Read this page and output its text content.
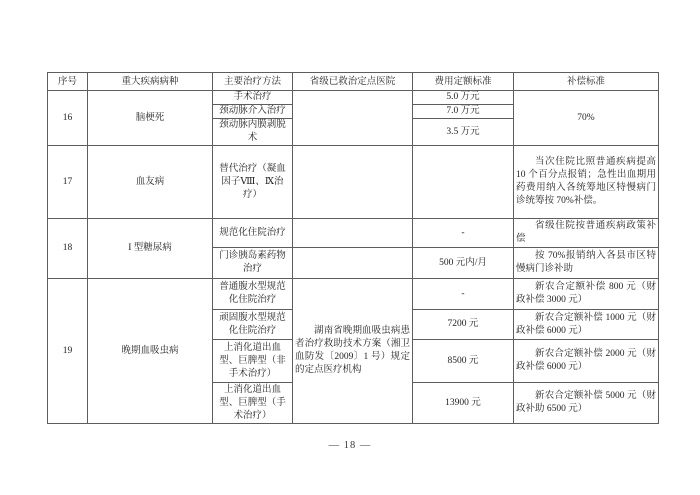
序号	重大疾病病种	主要治疗方法	省级已救治定点医院	费用定额标准	补偿标准
16	脑梗死	手术治疗		5.0 万元	70%
		颈动脉介入治疗		7.0 万元	
		颈动脉内膜剥脱术		3.5 万元	
17	血友病	替代治疗（凝血因子Ⅷ、Ⅸ治疗）			当次住院比照普通疾病提高 10 个百分点报销；急性出血期用药费用纳入各统筹地区特慢病门诊统筹按 70%补偿。
18	I 型糖尿病	规范化住院治疗		-	省级住院按普通疾病政策补偿
		门诊胰岛素药物治疗		500 元内/月	按 70%报销纳入各县市区特慢病门诊补助
19	晚期血吸虫病	普通腹水型规范化住院治疗	湖南省晚期血吸虫病患者治疗救助技术方案（湘卫血防发〔2009〕1 号）规定的定点医疗机构	-	新农合定额补偿 800 元（财政补偿 3000 元）
		顽固腹水型规范化住院治疗		7200 元	新农合定额补偿 1000 元（财政补偿 6000 元）
		上消化道出血型、巨脾型（非手术治疗）		8500 元	新农合定额补偿 2000 元（财政补偿 6000 元）
		上消化道出血型、巨脾型（手术治疗）		13900 元	新农合定额补偿 5000 元（财政补助 6500 元）
— 18 —
